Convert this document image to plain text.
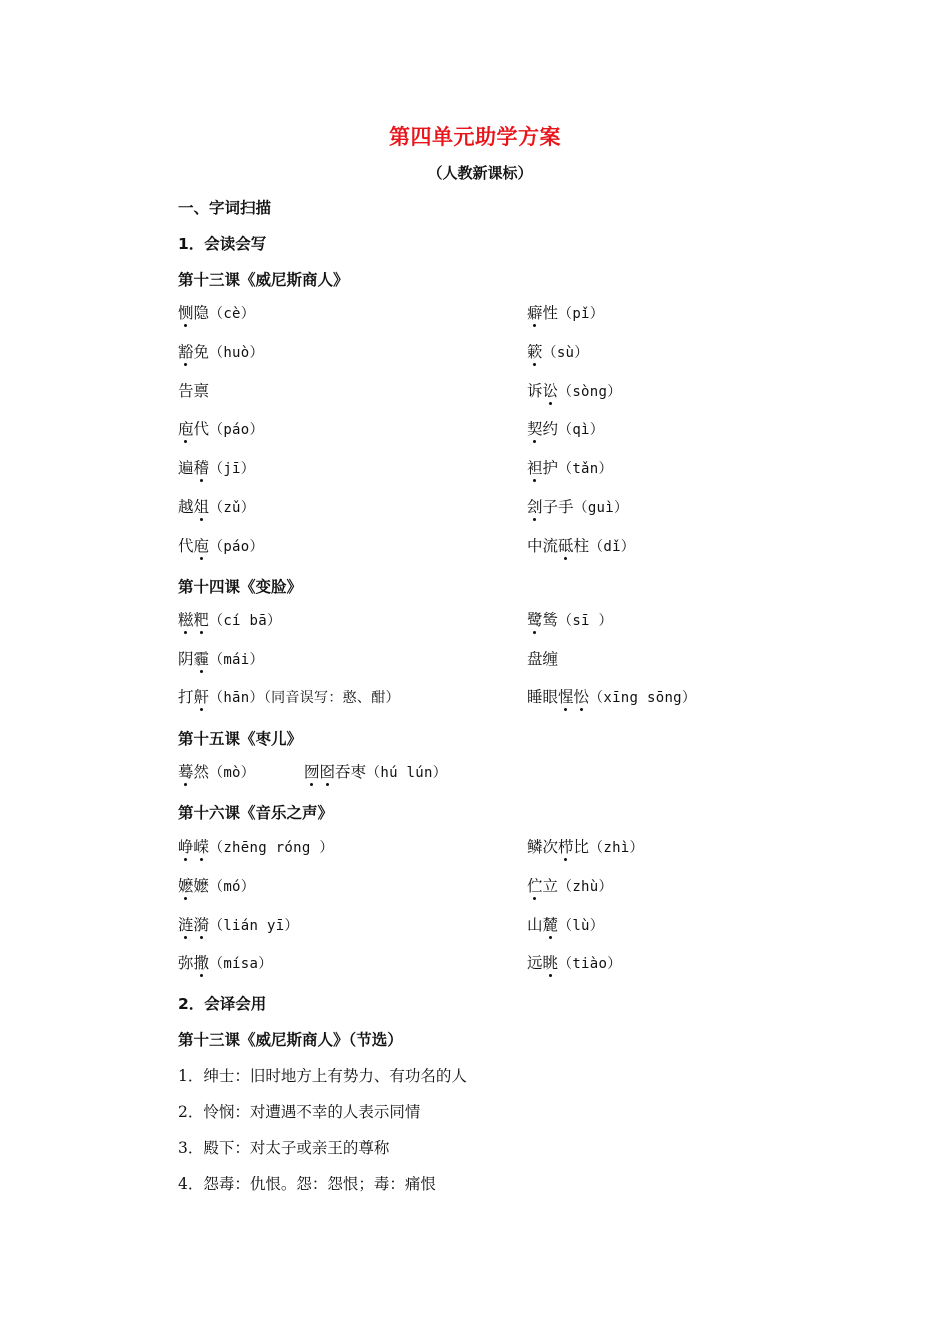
第四单元助学方案
（人教新课标）
一、字词扫描
1．会读会写
第十三课《威尼斯商人》
恻隐（cè）	癖性（pǐ）
豁免（huò）	簌（sù）
告禀	诉讼（sòng）
庖代（páo）	契约（qì）
遍稽（jī）	袒护（tǎn）
越俎（zǔ）	刽子手（guì）
代庖（páo）	中流砥柱（dǐ）
第十四课《变脸》
糍粑（cí bā）	鹭鸶（sī ）
阴霾（mái）	盘缠
打鼾（hān）（同音误写：憨、酣）	睡眼惺忪（xīng sōng）
第十五课《枣儿》
蓦然（mò）	囫囵吞枣（hú lún）
第十六课《音乐之声》
峥嵘（zhēng róng ）	鳞次栉比（zhì）
嬷嬷（mó）	伫立（zhù）
涟漪（lián yī）	山麓（lù）
弥撒（mísa）	远眺（tiào）
2．会译会用
第十三课《威尼斯商人》（节选）
1．绅士：旧时地方上有势力、有功名的人
2．怜悯：对遭遇不幸的人表示同情
3．殿下：对太子或亲王的尊称
4．怨毒：仇恨。怨：怨恨；毒：痛恨
